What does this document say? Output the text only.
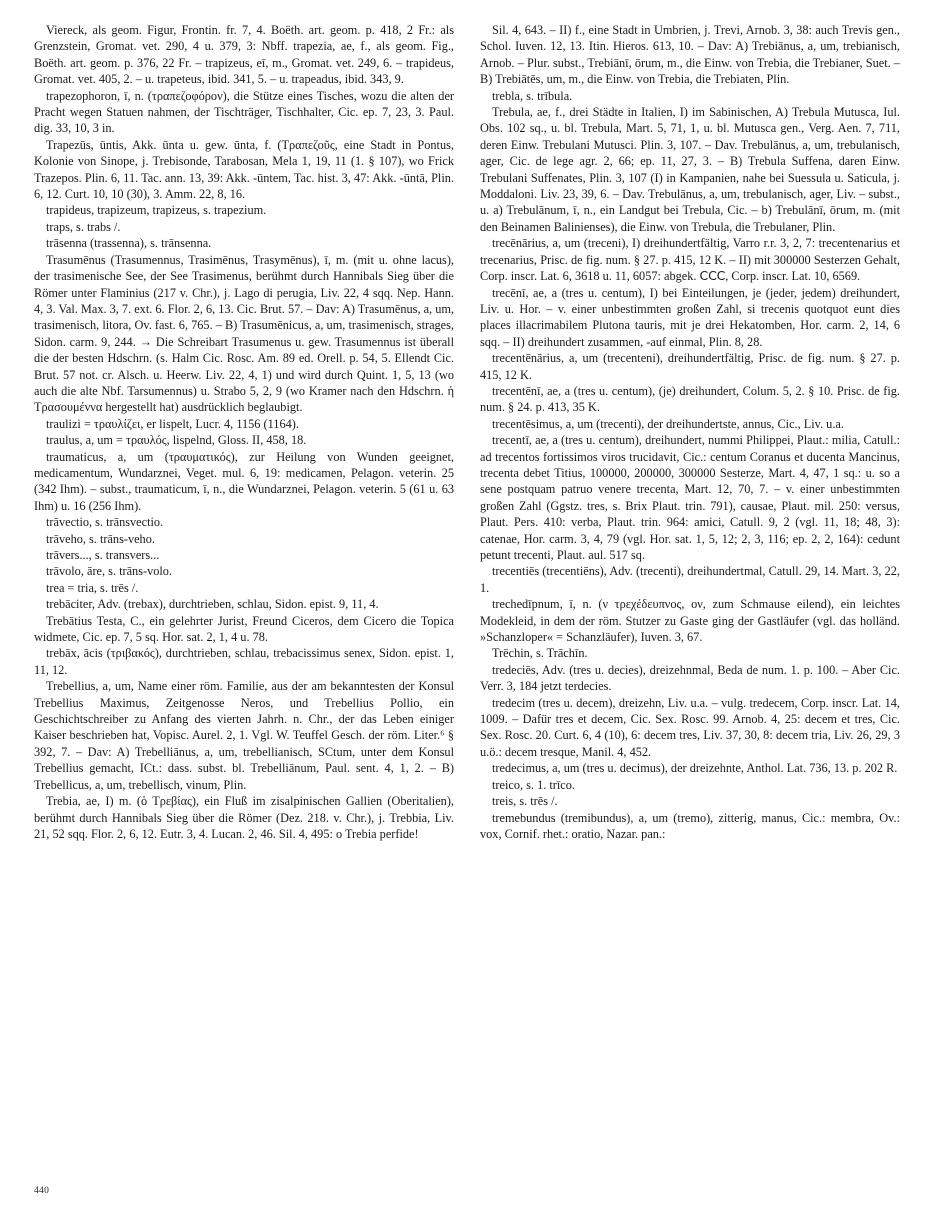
Viereck, als geom. Figur, Frontin. fr. 7, 4. Boëth. art. geom. p. 418, 2 Fr.: als Grenzstein, Gromat. vet. 290, 4 u. 379, 3: Nbff. trapezia, ae, f., als geom. Fig., Boëth. art. geom. p. 376, 22 Fr. – trapizeus, eī, m., Gromat. vet. 249, 6. – trapideus, Gromat. vet. 405, 2. – u. trapeteus, ibid. 341, 5. – u. trapeadus, ibid. 343, 9.

trapezophoron, ī, n. (τραπεζοφόρον), die Stütze eines Tisches, wozu die alten der Pracht wegen Statuen nahmen, der Tischträger, Tischhalter, Cic. ep. 7, 23, 3. Paul. dig. 33, 10, 3 in.

Trapezūs, ūntis, Akk. ūnta u. gew. ūnta, f. (Τραπεζοῦς, eine Stadt in Pontus, Kolonie von Sinope, j. Trebisonde, Tarabosan, Mela 1, 19, 11 (1. § 107), wo Frick Trazepos. Plin. 6, 11. Tac. ann. 13, 39: Akk. -ūntem, Tac. hist. 3, 47: Akk. -ūntā, Plin. 6, 12. Curt. 10, 10 (30), 3. Amm. 22, 8, 16.

trapideus, trapizeum, trapizeus, s. trapezium.

traps, s. trabs /.

trāsenna (trassenna), s. trānsenna.

Trasumēnus (Trasumennus, Trasimēnus, Trasymēnus), ī, m. (mit u. ohne lacus), der trasimenische See, der See Trasimenus, berühmt durch Hannibals Sieg über die Römer unter Flaminius (217 v. Chr.), j. Lago di perugia, Liv. 22, 4 sqq. Nep. Hann. 4, 3. Val. Max. 3, 7. ext. 6. Flor. 2, 6, 13. Cic. Brut. 57. – Dav: A) Trasumēnus, a, um, trasimenisch, litora, Ov. fast. 6, 765. – B) Trasumēnicus, a, um, trasimenisch, strages, Sidon. carm. 9, 244. → Die Schreibart Trasumenus u. gew. Trasumennus ist überall die der besten Hdschrn. (s. Halm Cic. Rosc. Am. 89 ed. Orell. p. 54, 5. Ellendt Cic. Brut. 57 not. cr. Alsch. u. Heerw. Liv. 22, 4, 1) und wird durch Quint. 1, 5, 13 (wo auch die alte Nbf. Tarsumennus) u. Strabo 5, 2, 9 (wo Kramer nach den Hdschrn. ἡ Τρασουμέννα hergestellt hat) ausdrücklich beglaubigt.

traulizi = τραυλίζει, er lispelt, Lucr. 4, 1156 (1164).

traulus, a, um = τραυλός, lispelnd, Gloss. II, 458, 18.

traumaticus, a, um (τραυματικός), zur Heilung von Wunden geeignet, medicamentum, Wundarznei, Veget. mul. 6, 19: medicamen, Pelagon. veterin. 25 (342 Ihm). – subst., traumaticum, ī, n., die Wundarznei, Pelagon. veterin. 5 (61 u. 63 Ihm) u. 16 (256 Ihm).

trāvectio, s. trānsvectio.

trāveho, s. trāns-veho.

trāvers..., s. transvers...

trāvolo, āre, s. trāns-volo.

trea = tria, s. trēs /.

trebāciter, Adv. (trebax), durchtrieben, schlau, Sidon. epist. 9, 11, 4.

Trebātius Testa, C., ein gelehrter Jurist, Freund Ciceros, dem Cicero die Topica widmete, Cic. ep. 7, 5 sq. Hor. sat. 2, 1, 4 u. 78.

trebāx, ācis (τριβακός), durchtrieben, schlau, trebacissimus senex, Sidon. epist. 1, 11, 12.

Trebellius, a, um, Name einer röm. Familie, aus der am bekanntesten der Konsul Trebellius Maximus, Zeitgenosse Neros, und Trebellius Pollio, ein Geschichtschreiber zu Anfang des vierten Jahrh. n. Chr., der das Leben einiger Kaiser beschrieben hat, Vopisc. Aurel. 2, 1. Vgl. W. Teuffel Gesch. der röm. Liter.⁶ § 392, 7. – Dav: A) Trebelliānus, a, um, trebellianisch, SCtum, unter dem Konsul Trebellius gemacht, ICt.: dass. subst. bl. Trebelliānum, Paul. sent. 4, 1, 2. – B) Trebellicus, a, um, trebellisch, vinum, Plin.

Trebia, ae, I) m. (ὁ Τρεβίας), ein Fluß im zisalpinischen Gallien (Oberitalien), berühmt durch Hannibals Sieg über die Römer (Dez. 218. v. Chr.), j. Trebbia, Liv. 21, 52 sqq. Flor. 2, 6, 12. Eutr. 3, 4. Lucan. 2, 46. Sil. 4, 495: o Trebia perfide!

Sil. 4, 643. – II) f., eine Stadt in Umbrien, j. Trevi, Arnob. 3, 38: auch Trevis gen., Schol. Iuven. 12, 13. Itin. Hieros. 613, 10. – Dav: A) Trebiānus, a, um, trebianisch, Arnob. – Plur. subst., Trebiānī, ōrum, m., die Einw. von Trebia, die Trebianer, Suet. – B) Trebiātēs, um, m., die Einw. von Trebia, die Trebiaten, Plin.

trebla, s. trībula.

Trebula, ae, f., drei Städte in Italien, I) im Sabinischen, A) Trebula Mutusca, Iul. Obs. 102 sq., u. bl. Trebula, Mart. 5, 71, 1, u. bl. Mutusca gen., Verg. Aen. 7, 711, deren Einw. Trebulani Mutusci. Plin. 3, 107. – Dav. Trebulānus, a, um, trebulanisch, ager, Cic. de lege agr. 2, 66; ep. 11, 27, 3. – B) Trebula Suffena, daren Einw. Trebulani Suffenates, Plin. 3, 107 (I) in Kampanien, nahe bei Suessula u. Saticula, j. Moddaloni. Liv. 23, 39, 6. – Dav. Trebulānus, a, um, trebulanisch, ager, Liv. – subst., u. a) Trebulānum, ī, n., ein Landgut bei Trebula, Cic. – b) Trebulānī, ōrum, m. (mit den Beinamen Balinienses), die Einw. von Trebula, die Trebulaner, Plin.

trecēnārius, a, um (treceni), I) dreihundertfältig, Varro r.r. 3, 2, 7: trecentenarius et trecenarius, Prisc. de fig. num. § 27. p. 415, 12 K. – II) mit 300000 Sesterzen Gehalt, Corp. inscr. Lat. 6, 3618 u. 11, 6057: abgek. ⅭⅭⅭ, Corp. inscr. Lat. 10, 6569.

trecēnī, ae, a (tres u. centum), I) bei Einteilungen, je (jeder, jedem) dreihundert, Liv. u. Hor. – v. einer unbestimmten großen Zahl, si trecenis quotquot eunt dies places illacrimabilem Plutona tauris, mit je drei Hekatomben, Hor. carm. 2, 14, 6 sqq. – II) dreihundert zusammen, -auf einmal, Plin. 8, 28.

trecentēnārius, a, um (trecenteni), dreihundertfältig, Prisc. de fig. num. § 27. p. 415, 12 K.

trecentēnī, ae, a (tres u. centum), (je) dreihundert, Colum. 5, 2. § 10. Prisc. de fig. num. § 24. p. 413, 35 K.

trecentēsimus, a, um (trecenti), der dreihundertste, annus, Cic., Liv. u.a.

trecentī, ae, a (tres u. centum), dreihundert, nummi Philippei, Plaut.: milia, Catull.: ad trecentos fortissimos viros trucidavit, Cic.: centum Coranus et ducenta Mancinus, trecenta debet Titius, 100000, 200000, 300000 Sesterze, Mart. 4, 47, 1 sq.: u. so a sene postquam patruo venere trecenta, Mart. 12, 70, 7. – v. einer unbestimmten großen Zahl (Ggstz. tres, s. Brix Plaut. trin. 791), causae, Plaut. mil. 250: versus, Plaut. Pers. 410: verba, Plaut. trin. 964: amici, Catull. 9, 2 (vgl. 11, 18; 48, 3): catenae, Hor. carm. 3, 4, 79 (vgl. Hor. sat. 1, 5, 12; 2, 3, 116; ep. 2, 2, 164): cedunt petunt trecenti, Plaut. aul. 517 sq.

trecentiēs (trecentiēns), Adv. (trecenti), dreihundertmal, Catull. 29, 14. Mart. 3, 22, 1.

trechedīpnum, ī, n. (ν τρεχέδευπνος, ον, zum Schmause eilend), ein leichtes Modekleid, in dem der röm. Stutzer zu Gaste ging der Gastläufer (vgl. das holländ. »Schanzloper« = Schanzläufer), Iuven. 3, 67.

Trēchin, s. Trāchīn.

tredeciēs, Adv. (tres u. decies), dreizehnmal, Beda de num. 1. p. 100. – Aber Cic. Verr. 3, 184 jetzt terdecies.

tredecim (tres u. decem), dreizehn, Liv. u.a. – vulg. tredecem, Corp. inscr. Lat. 14, 1009. – Dafür tres et decem, Cic. Sex. Rosc. 99. Arnob. 4, 25: decem et tres, Cic. Sex. Rosc. 20. Curt. 6, 4 (10), 6: decem tres, Liv. 37, 30, 8: decem tria, Liv. 26, 29, 3 u.ö.: decem tresque, Manil. 4, 452.

tredecimus, a, um (tres u. decimus), der dreizehnte, Anthol. Lat. 736, 13. p. 202 R.

treico, s. 1. trīco.

treis, s. trēs /.

tremebundus (tremibundus), a, um (tremo), zitterig, manus, Cic.: membra, Ov.: vox, Cornif. rhet.: oratio, Nazar. pan.:

440
